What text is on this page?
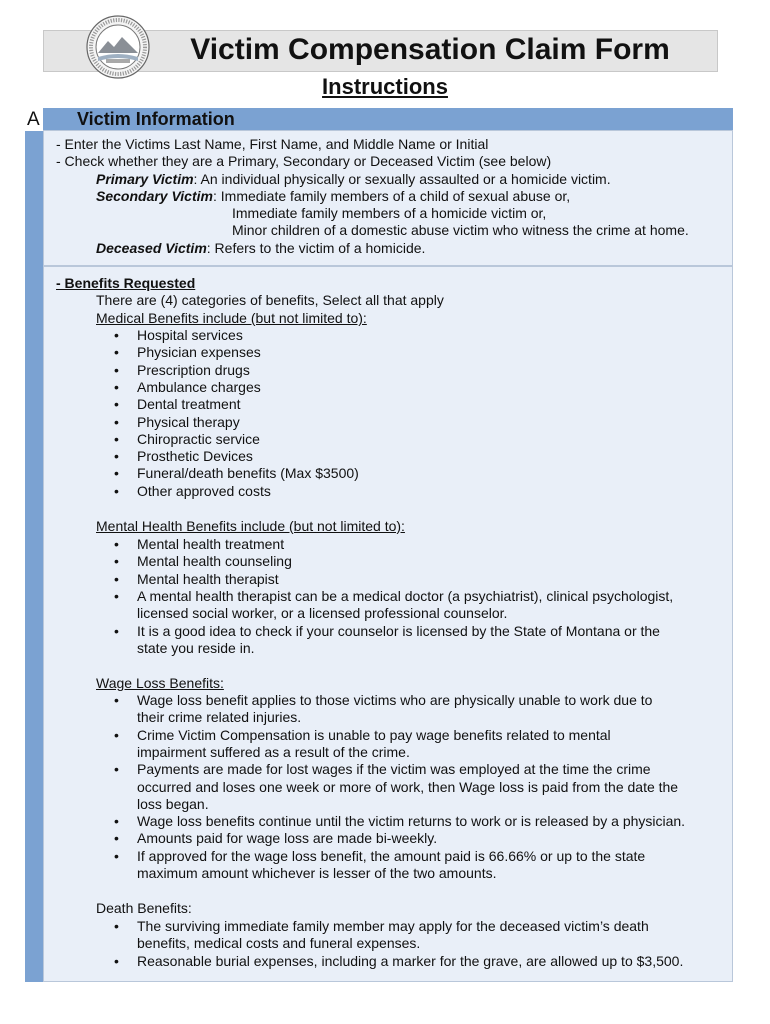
Victim Compensation Claim Form
Instructions
A Victim Information
- Enter the Victims Last Name, First Name, and Middle Name or Initial
- Check whether they are a Primary, Secondary or Deceased Victim (see below)
Primary Victim: An individual physically or sexually assaulted or a homicide victim.
Secondary Victim: Immediate family members of a child of sexual abuse or,
Immediate family members of a homicide victim or,
Minor children of a domestic abuse victim who witness the crime at home.
Deceased Victim: Refers to the victim of a homicide.
- Benefits Requested
There are (4) categories of benefits, Select all that apply
Medical Benefits include (but not limited to):
• Hospital services
• Physician expenses
• Prescription drugs
• Ambulance charges
• Dental treatment
• Physical therapy
• Chiropractic service
• Prosthetic Devices
• Funeral/death benefits (Max $3500)
• Other approved costs
Mental Health Benefits include (but not limited to):
• Mental health treatment
• Mental health counseling
• Mental health therapist
• A mental health therapist can be a medical doctor (a psychiatrist), clinical psychologist,
licensed social worker, or a licensed professional counselor.
• It is a good idea to check if your counselor is licensed by the State of Montana or the
state you reside in.
Wage Loss Benefits:
• Wage loss benefit applies to those victims who are physically unable to work due to
their crime related injuries.
• Crime Victim Compensation is unable to pay wage benefits related to mental
impairment suffered as a result of the crime.
• Payments are made for lost wages if the victim was employed at the time the crime
occurred and loses one week or more of work, then Wage loss is paid from the date the
loss began.
• Wage loss benefits continue until the victim returns to work or is released by a physician.
• Amounts paid for wage loss are made bi-weekly.
• If approved for the wage loss benefit, the amount paid is 66.66% or up to the state
maximum amount whichever is lesser of the two amounts.
Death Benefits:
• The surviving immediate family member may apply for the deceased victim’s death
benefits, medical costs and funeral expenses.
• Reasonable burial expenses, including a marker for the grave, are allowed up to $3,500.
